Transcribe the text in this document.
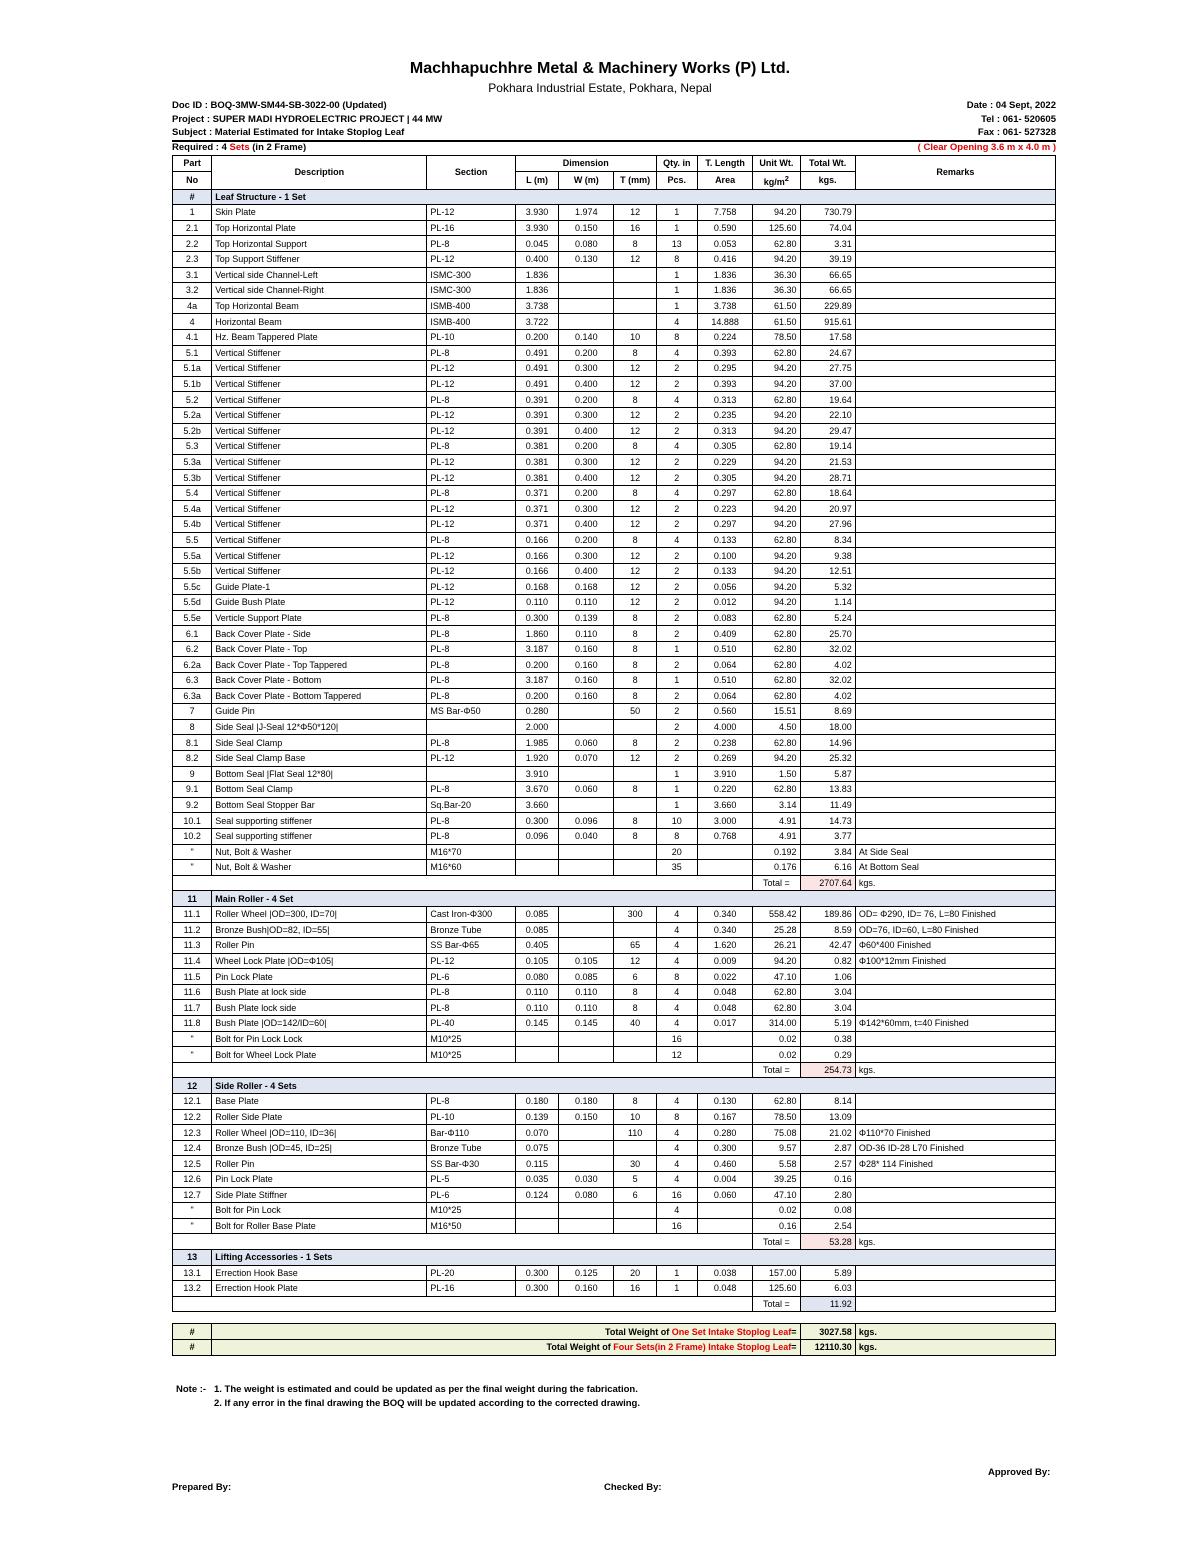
Machhapuchhre Metal & Machinery Works (P) Ltd.
Pokhara Industrial Estate, Pokhara, Nepal
Doc ID : BOQ-3MW-SM44-SB-3022-00 (Updated)	Date : 04 Sept, 2022
Project : SUPER MADI HYDROELECTRIC PROJECT | 44 MW	Tel : 061- 520605
Subject : Material Estimated for Intake Stoplog Leaf	Fax : 061- 527328
Required : 4 Sets (in 2 Frame)	( Clear Opening 3.6 m x 4.0 m )
Part	Description	Section	Dimension			Qty. in	T. Length	Unit Wt.	Total Wt.	Remarks
No			L (m)	W (m)	T (mm)	Pcs.	Area	$kg/m^2$	kgs.	
#	Leaf Structure - 1 Set									
1	Skin Plate	PL-12	3.930	1.974	12	1	7.758	94.20	730.79	
2.1	Top Horizontal Plate	PL-16	3.930	0.150	16	1	0.590	125.60	74.04	
2.2	Top Horizontal Support	PL-8	0.045	0.080	8	13	0.053	62.80	3.31	
2.3	Top Support Stiffener	PL-12	0.400	0.130	12	8	0.416	94.20	39.19	
3.1	Vertical side Channel-Left	ISMC-300	1.836			1	1.836	36.30	66.65	
3.2	Vertical side Channel-Right	ISMC-300	1.836			1	1.836	36.30	66.65	
4a	Top Horizontal Beam	ISMB-400	3.738			1	3.738	61.50	229.89	
4	Horizontal Beam	ISMB-400	3.722			4	14.888	61.50	915.61	
4.1	Hz. Beam Tappered Plate	PL-10	0.200	0.140	10	8	0.224	78.50	17.58	
5.1	Vertical Stiffener	PL-8	0.491	0.200	8	4	0.393	62.80	24.67	
5.1a	Vertical Stiffener	PL-12	0.491	0.300	12	2	0.295	94.20	27.75	
5.1b	Vertical Stiffener	PL-12	0.491	0.400	12	2	0.393	94.20	37.00	
5.2	Vertical Stiffener	PL-8	0.391	0.200	8	4	0.313	62.80	19.64	
5.2a	Vertical Stiffener	PL-12	0.391	0.300	12	2	0.235	94.20	22.10	
5.2b	Vertical Stiffener	PL-12	0.391	0.400	12	2	0.313	94.20	29.47	
5.3	Vertical Stiffener	PL-8	0.381	0.200	8	4	0.305	62.80	19.14	
5.3a	Vertical Stiffener	PL-12	0.381	0.300	12	2	0.229	94.20	21.53	
5.3b	Vertical Stiffener	PL-12	0.381	0.400	12	2	0.305	94.20	28.71	
5.4	Vertical Stiffener	PL-8	0.371	0.200	8	4	0.297	62.80	18.64	
5.4a	Vertical Stiffener	PL-12	0.371	0.300	12	2	0.223	94.20	20.97	
5.4b	Vertical Stiffener	PL-12	0.371	0.400	12	2	0.297	94.20	27.96	
5.5	Vertical Stiffener	PL-8	0.166	0.200	8	4	0.133	62.80	8.34	
5.5a	Vertical Stiffener	PL-12	0.166	0.300	12	2	0.100	94.20	9.38	
5.5b	Vertical Stiffener	PL-12	0.166	0.400	12	2	0.133	94.20	12.51	
5.5c	Guide Plate-1	PL-12	0.168	0.168	12	2	0.056	94.20	5.32	
5.5d	Guide Bush Plate	PL-12	0.110	0.110	12	2	0.012	94.20	1.14	
5.5e	Verticle Support Plate	PL-8	0.300	0.139	8	2	0.083	62.80	5.24	
6.1	Back Cover Plate - Side	PL-8	1.860	0.110	8	2	0.409	62.80	25.70	
6.2	Back Cover Plate - Top	PL-8	3.187	0.160	8	1	0.510	62.80	32.02	
6.2a	Back Cover Plate - Top Tappered	PL-8	0.200	0.160	8	2	0.064	62.80	4.02	
6.3	Back Cover Plate - Bottom	PL-8	3.187	0.160	8	1	0.510	62.80	32.02	
6.3a	Back Cover Plate - Bottom Tappered	PL-8	0.200	0.160	8	2	0.064	62.80	4.02	
7	Guide Pin	MS Bar-Φ50	0.280		50	2	0.560	15.51	8.69	
8	Side Seal |J-Seal 12*Φ50*120|		2.000			2	4.000	4.50	18.00	
8.1	Side Seal Clamp	PL-8	1.985	0.060	8	2	0.238	62.80	14.96	
8.2	Side Seal Clamp Base	PL-12	1.920	0.070	12	2	0.269	94.20	25.32	
9	Bottom Seal |Flat Seal 12*80|		3.910			1	3.910	1.50	5.87	
9.1	Bottom Seal Clamp	PL-8	3.670	0.060	8	1	0.220	62.80	13.83	
9.2	Bottom Seal Stopper Bar	Sq.Bar-20	3.660			1	3.660	3.14	11.49	
10.1	Seal supporting stiffener	PL-8	0.300	0.096	8	10	3.000	4.91	14.73	
10.2	Seal supporting stiffener	PL-8	0.096	0.040	8	8	0.768	4.91	3.77	
"	Nut, Bolt & Washer	M16*70				20		0.192	3.84	At Side Seal
"	Nut, Bolt & Washer	M16*60				35		0.176	6.16	At Bottom Seal
								Total =	2707.64	kgs.
11	Main Roller - 4 Set									
11.1	Roller Wheel |OD=300, ID=70|	Cast Iron-Φ300	0.085		300	4	0.340	558.42	189.86	OD= Φ290, ID= 76, L=80 Finished
11.2	Bronze Bush|OD=82, ID=55|	Bronze Tube	0.085			4	0.340	25.28	8.59	OD=76, ID=60, L=80 Finished
11.3	Roller Pin	SS Bar-Φ65	0.405		65	4	1.620	26.21	42.47	Φ60*400 Finished
11.4	Wheel Lock Plate |OD=Φ105|	PL-12	0.105	0.105	12	4	0.009	94.20	0.82	Φ100*12mm Finished
11.5	Pin Lock Plate	PL-6	0.080	0.085	6	8	0.022	47.10	1.06	
11.6	Bush Plate at lock side	PL-8	0.110	0.110	8	4	0.048	62.80	3.04	
11.7	Bush Plate lock side	PL-8	0.110	0.110	8	4	0.048	62.80	3.04	
11.8	Bush Plate |OD=142/ID=60|	PL-40	0.145	0.145	40	4	0.017	314.00	5.19	Φ142*60mm, t=40 Finished
"	Bolt for Pin Lock Lock	M10*25				16		0.02	0.38	
"	Bolt for Wheel Lock Plate	M10*25				12		0.02	0.29	
								Total =	254.73	kgs.
12	Side Roller - 4 Sets									
12.1	Base Plate	PL-8	0.180	0.180	8	4	0.130	62.80	8.14	
12.2	Roller Side Plate	PL-10	0.139	0.150	10	8	0.167	78.50	13.09	
12.3	Roller Wheel |OD=110, ID=36|	Bar-Φ110	0.070		110	4	0.280	75.08	21.02	Φ110*70 Finished
12.4	Bronze Bush |OD=45, ID=25|	Bronze Tube	0.075			4	0.300	9.57	2.87	OD-36 ID-28 L70 Finished
12.5	Roller Pin	SS Bar-Φ30	0.115		30	4	0.460	5.58	2.57	Φ28* 114 Finished
12.6	Pin Lock Plate	PL-5	0.035	0.030	5	4	0.004	39.25	0.16	
12.7	Side Plate Stiffner	PL-6	0.124	0.080	6	16	0.060	47.10	2.80	
"	Bolt for Pin Lock	M10*25				4		0.02	0.08	
"	Bolt for Roller Base Plate	M16*50				16		0.16	2.54	
								Total =	53.28	kgs.
13	Lifting Accessories - 1 Sets									
13.1	Errection Hook Base	PL-20	0.300	0.125	20	1	0.038	157.00	5.89	
13.2	Errection Hook Plate	PL-16	0.300	0.160	16	1	0.048	125.60	6.03	
								Total =	11.92	

#	Total Weight of One Set Intake Stoplog Leaf=								3027.58	kgs.
#	Total Weight of Four Sets(in 2 Frame) Intake Stoplog Leaf=								12110.30	kgs.
Note :- 1. The weight is estimated and could be updated as per the final weight during the fabrication.
2. If any error in the final drawing the BOQ will be updated according to the corrected drawing.
Prepared By:	Checked By:
Approved By:
